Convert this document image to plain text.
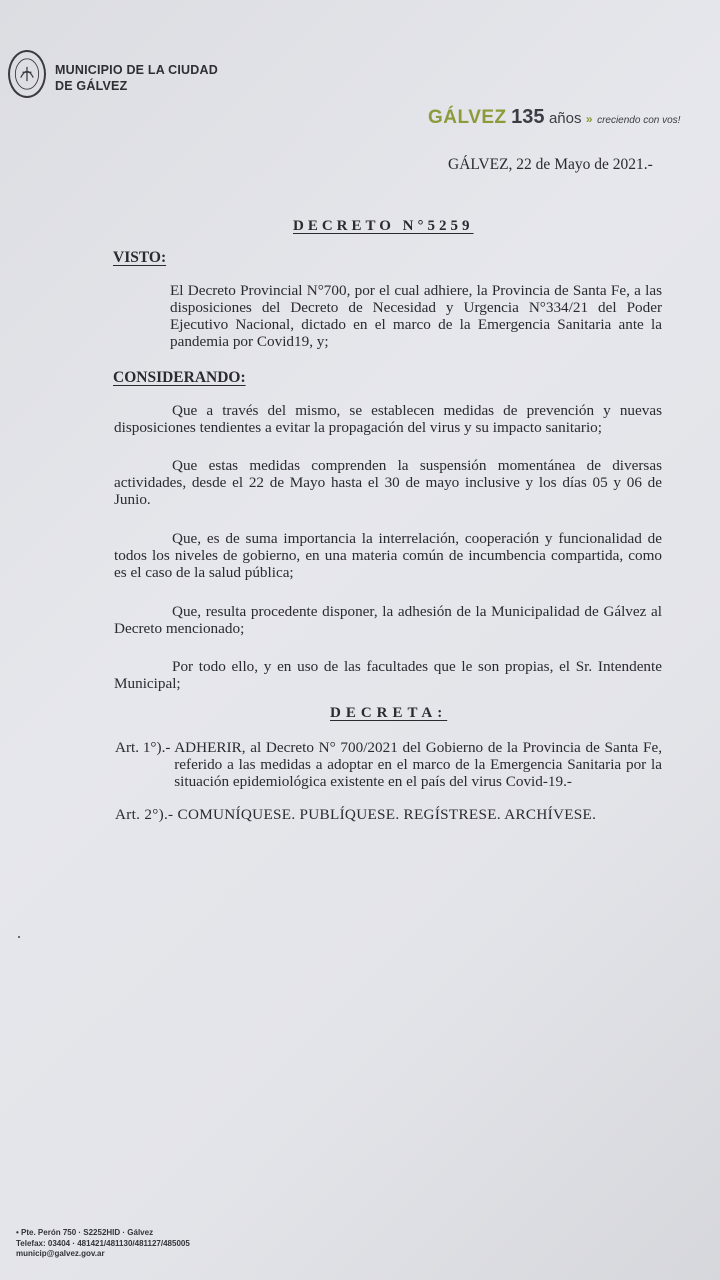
MUNICIPIO DE LA CIUDAD
DE GÁLVEZ
GÁLVEZ 135 años » creciendo con vos!
GÁLVEZ, 22 de Mayo de 2021.-
DECRETO N°5259
VISTO:
El Decreto Provincial N°700, por el cual adhiere, la Provincia de Santa Fe, a las disposiciones del Decreto de Necesidad y Urgencia N°334/21 del Poder Ejecutivo Nacional, dictado en el marco de la Emergencia Sanitaria ante la pandemia por Covid19, y;
CONSIDERANDO:
Que a través del mismo, se establecen medidas de prevención y nuevas disposiciones tendientes a evitar la propagación del virus y su impacto sanitario;
Que estas medidas comprenden la suspensión momentánea de diversas actividades, desde el 22 de Mayo hasta el 30 de mayo inclusive y los días 05 y 06 de Junio.
Que, es de suma importancia la interrelación, cooperación y funcionalidad de todos los niveles de gobierno, en una materia común de incumbencia compartida, como es el caso de la salud pública;
Que, resulta procedente disponer, la adhesión de la Municipalidad de Gálvez al Decreto mencionado;
Por todo ello, y en uso de las facultades que le son propias, el Sr. Intendente Municipal;
DECRETA:
Art. 1°).- ADHERIR, al Decreto N° 700/2021 del Gobierno de la Provincia de Santa Fe, referido a las medidas a adoptar en el marco de la Emergencia Sanitaria por la situación epidemiológica existente en el país del virus Covid-19.-
Art. 2°).- COMUNÍQUESE. PUBLÍQUESE. REGÍSTRESE. ARCHÍVESE.
• Pte. Perón 750 · S2252HID · Gálvez
Telefax: 03404 · 481421/481130/481127/485005
municip@galvez.gov.ar
